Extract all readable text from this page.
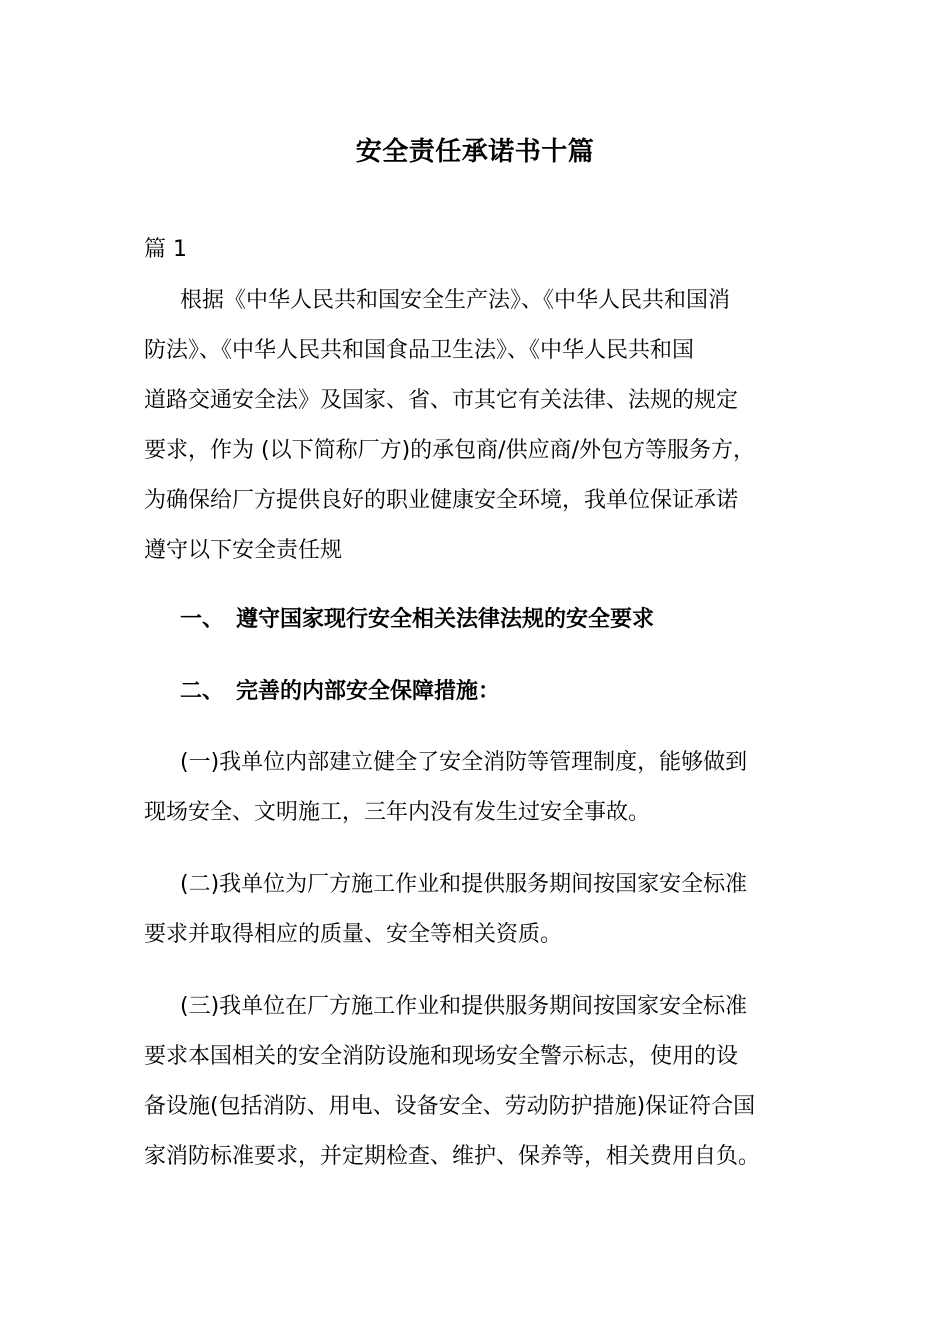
安全责任承诺书十篇
篇 1
根据《中华人民共和国安全生产法》、《中华人民共和国消
防法》、《中华人民共和国食品卫生法》、《中华人民共和国
道路交通安全法》及国家、省、市其它有关法律、法规的规定
要求，作为 (以下简称厂方)的承包商/供应商/外包方等服务方，
为确保给厂方提供良好的职业健康安全环境，我单位保证承诺
遵守以下安全责任规
一、 遵守国家现行安全相关法律法规的安全要求
二、 完善的内部安全保障措施：
(一)我单位内部建立健全了安全消防等管理制度，能够做到
现场安全、文明施工，三年内没有发生过安全事故。
(二)我单位为厂方施工作业和提供服务期间按国家安全标准
要求并取得相应的质量、安全等相关资质。
(三)我单位在厂方施工作业和提供服务期间按国家安全标准
要求本国相关的安全消防设施和现场安全警示标志，使用的设
备设施(包括消防、用电、设备安全、劳动防护措施)保证符合国
家消防标准要求，并定期检查、维护、保养等，相关费用自负。
